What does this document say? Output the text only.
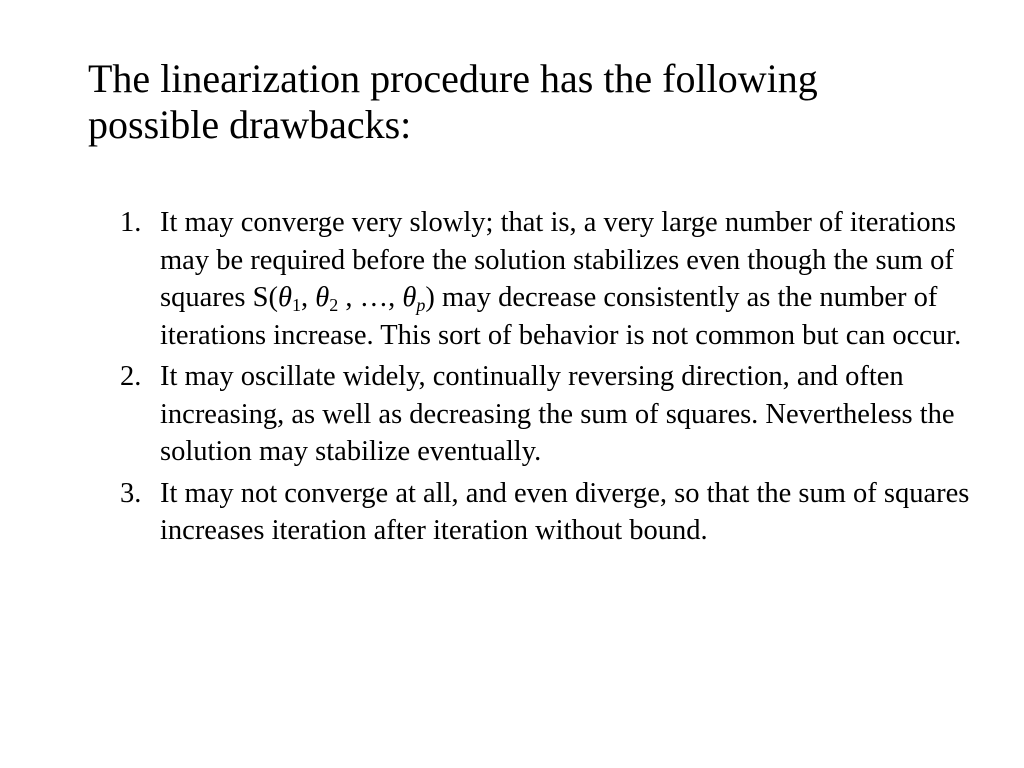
The linearization procedure has the following
possible drawbacks:
1. It may converge very slowly; that is, a very large number of iterations may be required before the solution stabilizes even though the sum of squares $S(\theta_1$, $\theta_2$ , …, $\theta_p$) may decrease consistently as the number of iterations increase. This sort of behavior is not common but can occur.

2. It may oscillate widely, continually reversing direction, and often increasing, as well as decreasing the sum of squares. Nevertheless the solution may stabilize eventually.

3. It may not converge at all, and even diverge, so that the sum of squares increases iteration after iteration without bound.
